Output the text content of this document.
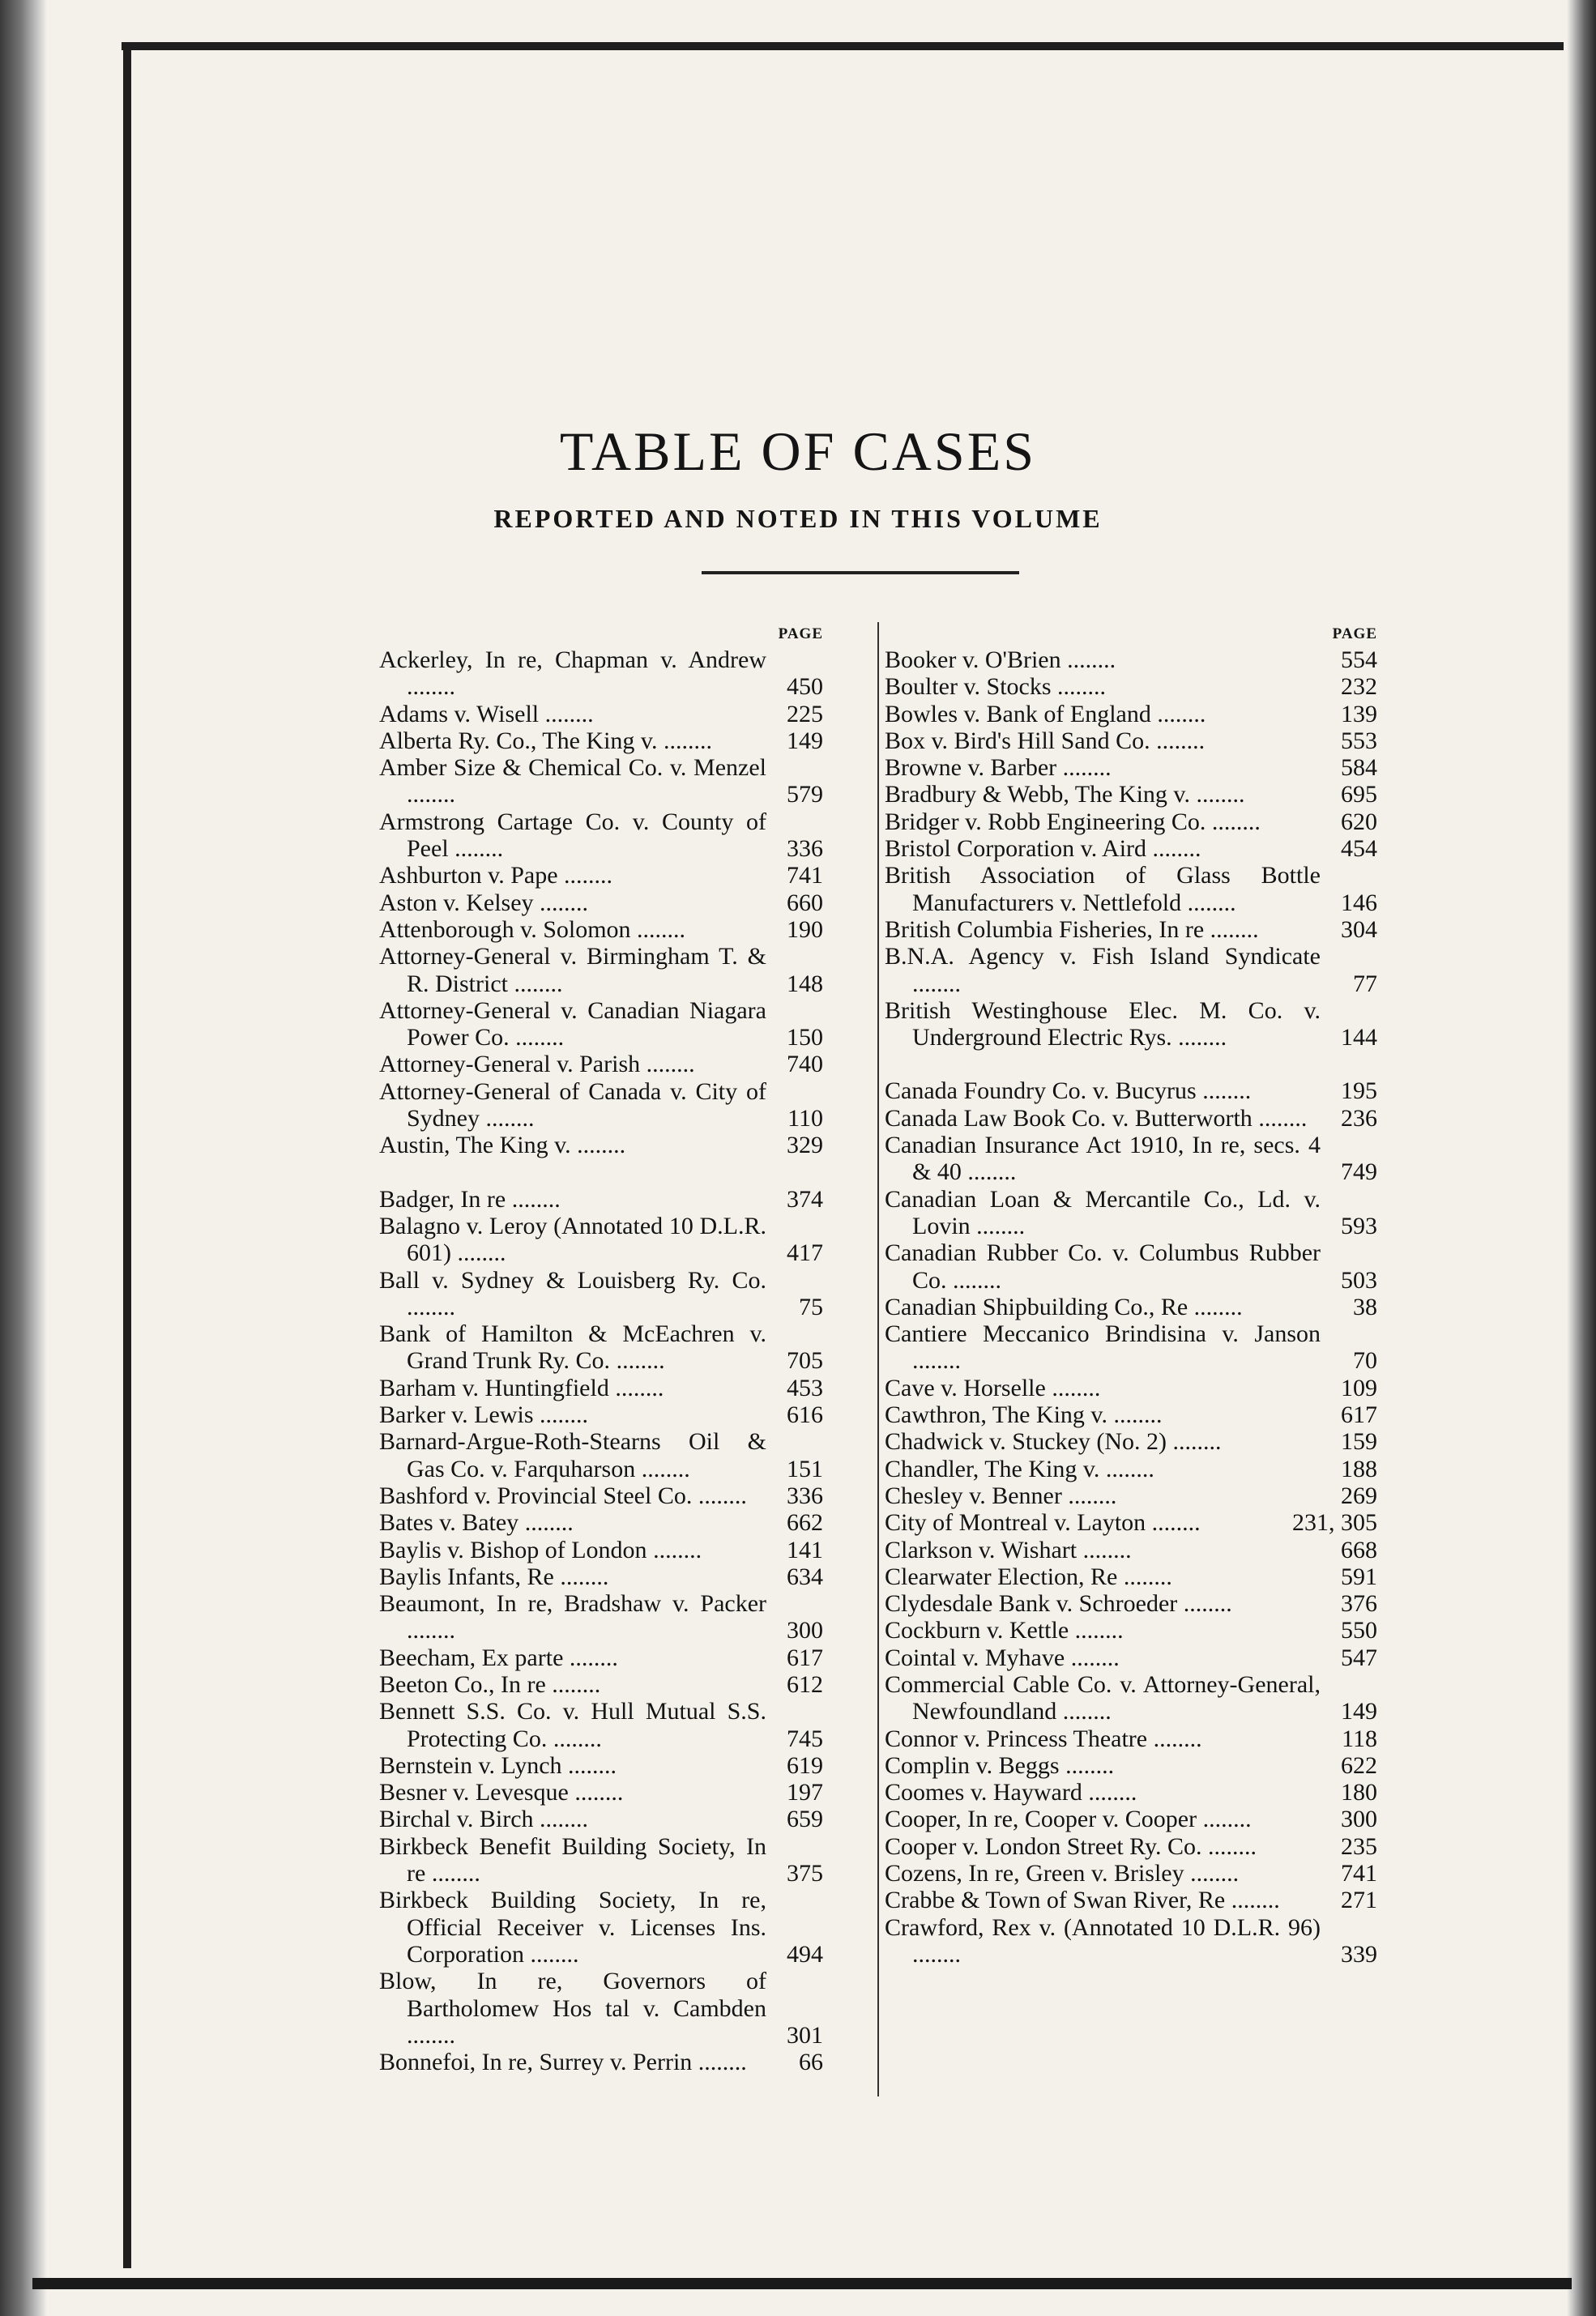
TABLE OF CASES
REPORTED AND NOTED IN THIS VOLUME
PAGE
Ackerley, In re, Chapman v. Andrew ........	450
Adams v. Wisell ........	225
Alberta Ry. Co., The King v. ........	149
Amber Size & Chemical Co. v. Menzel ........	579
Armstrong Cartage Co. v. County of Peel ........	336
Ashburton v. Pape ........	741
Aston v. Kelsey ........	660
Attenborough v. Solomon ........	190
Attorney-General v. Birmingham T. & R. District ........	148
Attorney-General v. Canadian Niagara Power Co. ........	150
Attorney-General v. Parish ........	740
Attorney-General of Canada v. City of Sydney ........	110
Austin, The King v. ........	329
Badger, In re ........	374
Balagno v. Leroy (Annotated 10 D.L.R. 601) ........	417
Ball v. Sydney & Louisberg Ry. Co. ........	75
Bank of Hamilton & McEachren v. Grand Trunk Ry. Co. ........	705
Barham v. Huntingfield ........	453
Barker v. Lewis ........	616
Barnard-Argue-Roth-Stearns Oil & Gas Co. v. Farquharson ........	151
Bashford v. Provincial Steel Co. ........ 336
Bates v. Batey ........	662
Baylis v. Bishop of London ........	141
Baylis Infants, Re ........	634
Beaumont, In re, Bradshaw v. Packer ........	300
Beecham, Ex parte ........	617
Beeton Co., In re ........	612
Bennett S.S. Co. v. Hull Mutual S.S. Protecting Co. ........	745
Bernstein v. Lynch ........	619
Besner v. Levesque ........	197
Birchal v. Birch ........	659
Birkbeck Benefit Building Society, In re ........	375
Birkbeck Building Society, In re, Official Receiver v. Licenses Ins. Corporation ........	494
Blow, In re, Governors of Bartholomew Hos tal v. Cambden ........	301
Bonnefoi, In re, Surrey v. Perrin ........ 66
PAGE
Booker v. O'Brien ........	554
Boulter v. Stocks ........	232
Bowles v. Bank of England ........	139
Box v. Bird's Hill Sand Co. ........	553
Browne v. Barber ........	584
Bradbury & Webb, The King v. ........	695
Bridger v. Robb Engineering Co. ........	620
Bristol Corporation v. Aird ........	454
British Association of Glass Bottle Manufacturers v. Nettlefold ........	146
British Columbia Fisheries, In re ........	304
B.N.A. Agency v. Fish Island Syndicate ........	77
British Westinghouse Elec. M. Co. v. Underground Electric Rys. ........	144
Canada Foundry Co. v. Bucyrus ........	195
Canada Law Book Co. v. Butterworth ........ 236
Canadian Insurance Act 1910, In re, secs. 4 & 40 ........	749
Canadian Loan & Mercantile Co., Ld. v. Lovin ........	593
Canadian Rubber Co. v. Columbus Rubber Co. ........	503
Canadian Shipbuilding Co., Re ........	38
Cantiere Meccanico Brindisina v. Janson ........	70
Cave v. Horselle ........	109
Cawthron, The King v. ........	617
Chadwick v. Stuckey (No. 2) ........	159
Chandler, The King v. ........	188
Chesley v. Benner ........	269
City of Montreal v. Layton ........	231, 305
Clarkson v. Wishart ........	668
Clearwater Election, Re ........	591
Clydesdale Bank v. Schroeder ........	376
Cockburn v. Kettle ........	550
Cointal v. Myhave ........	547
Commercial Cable Co. v. Attorney-General, Newfoundland ........	149
Connor v. Princess Theatre ........	118
Complin v. Beggs ........	622
Coomes v. Hayward ........	180
Cooper, In re, Cooper v. Cooper ........	300
Cooper v. London Street Ry. Co. ........	235
Cozens, In re, Green v. Brisley ........	741
Crabbe & Town of Swan River, Re ........	271
Crawford, Rex v. (Annotated 10 D.L.R. 96) ........	339
